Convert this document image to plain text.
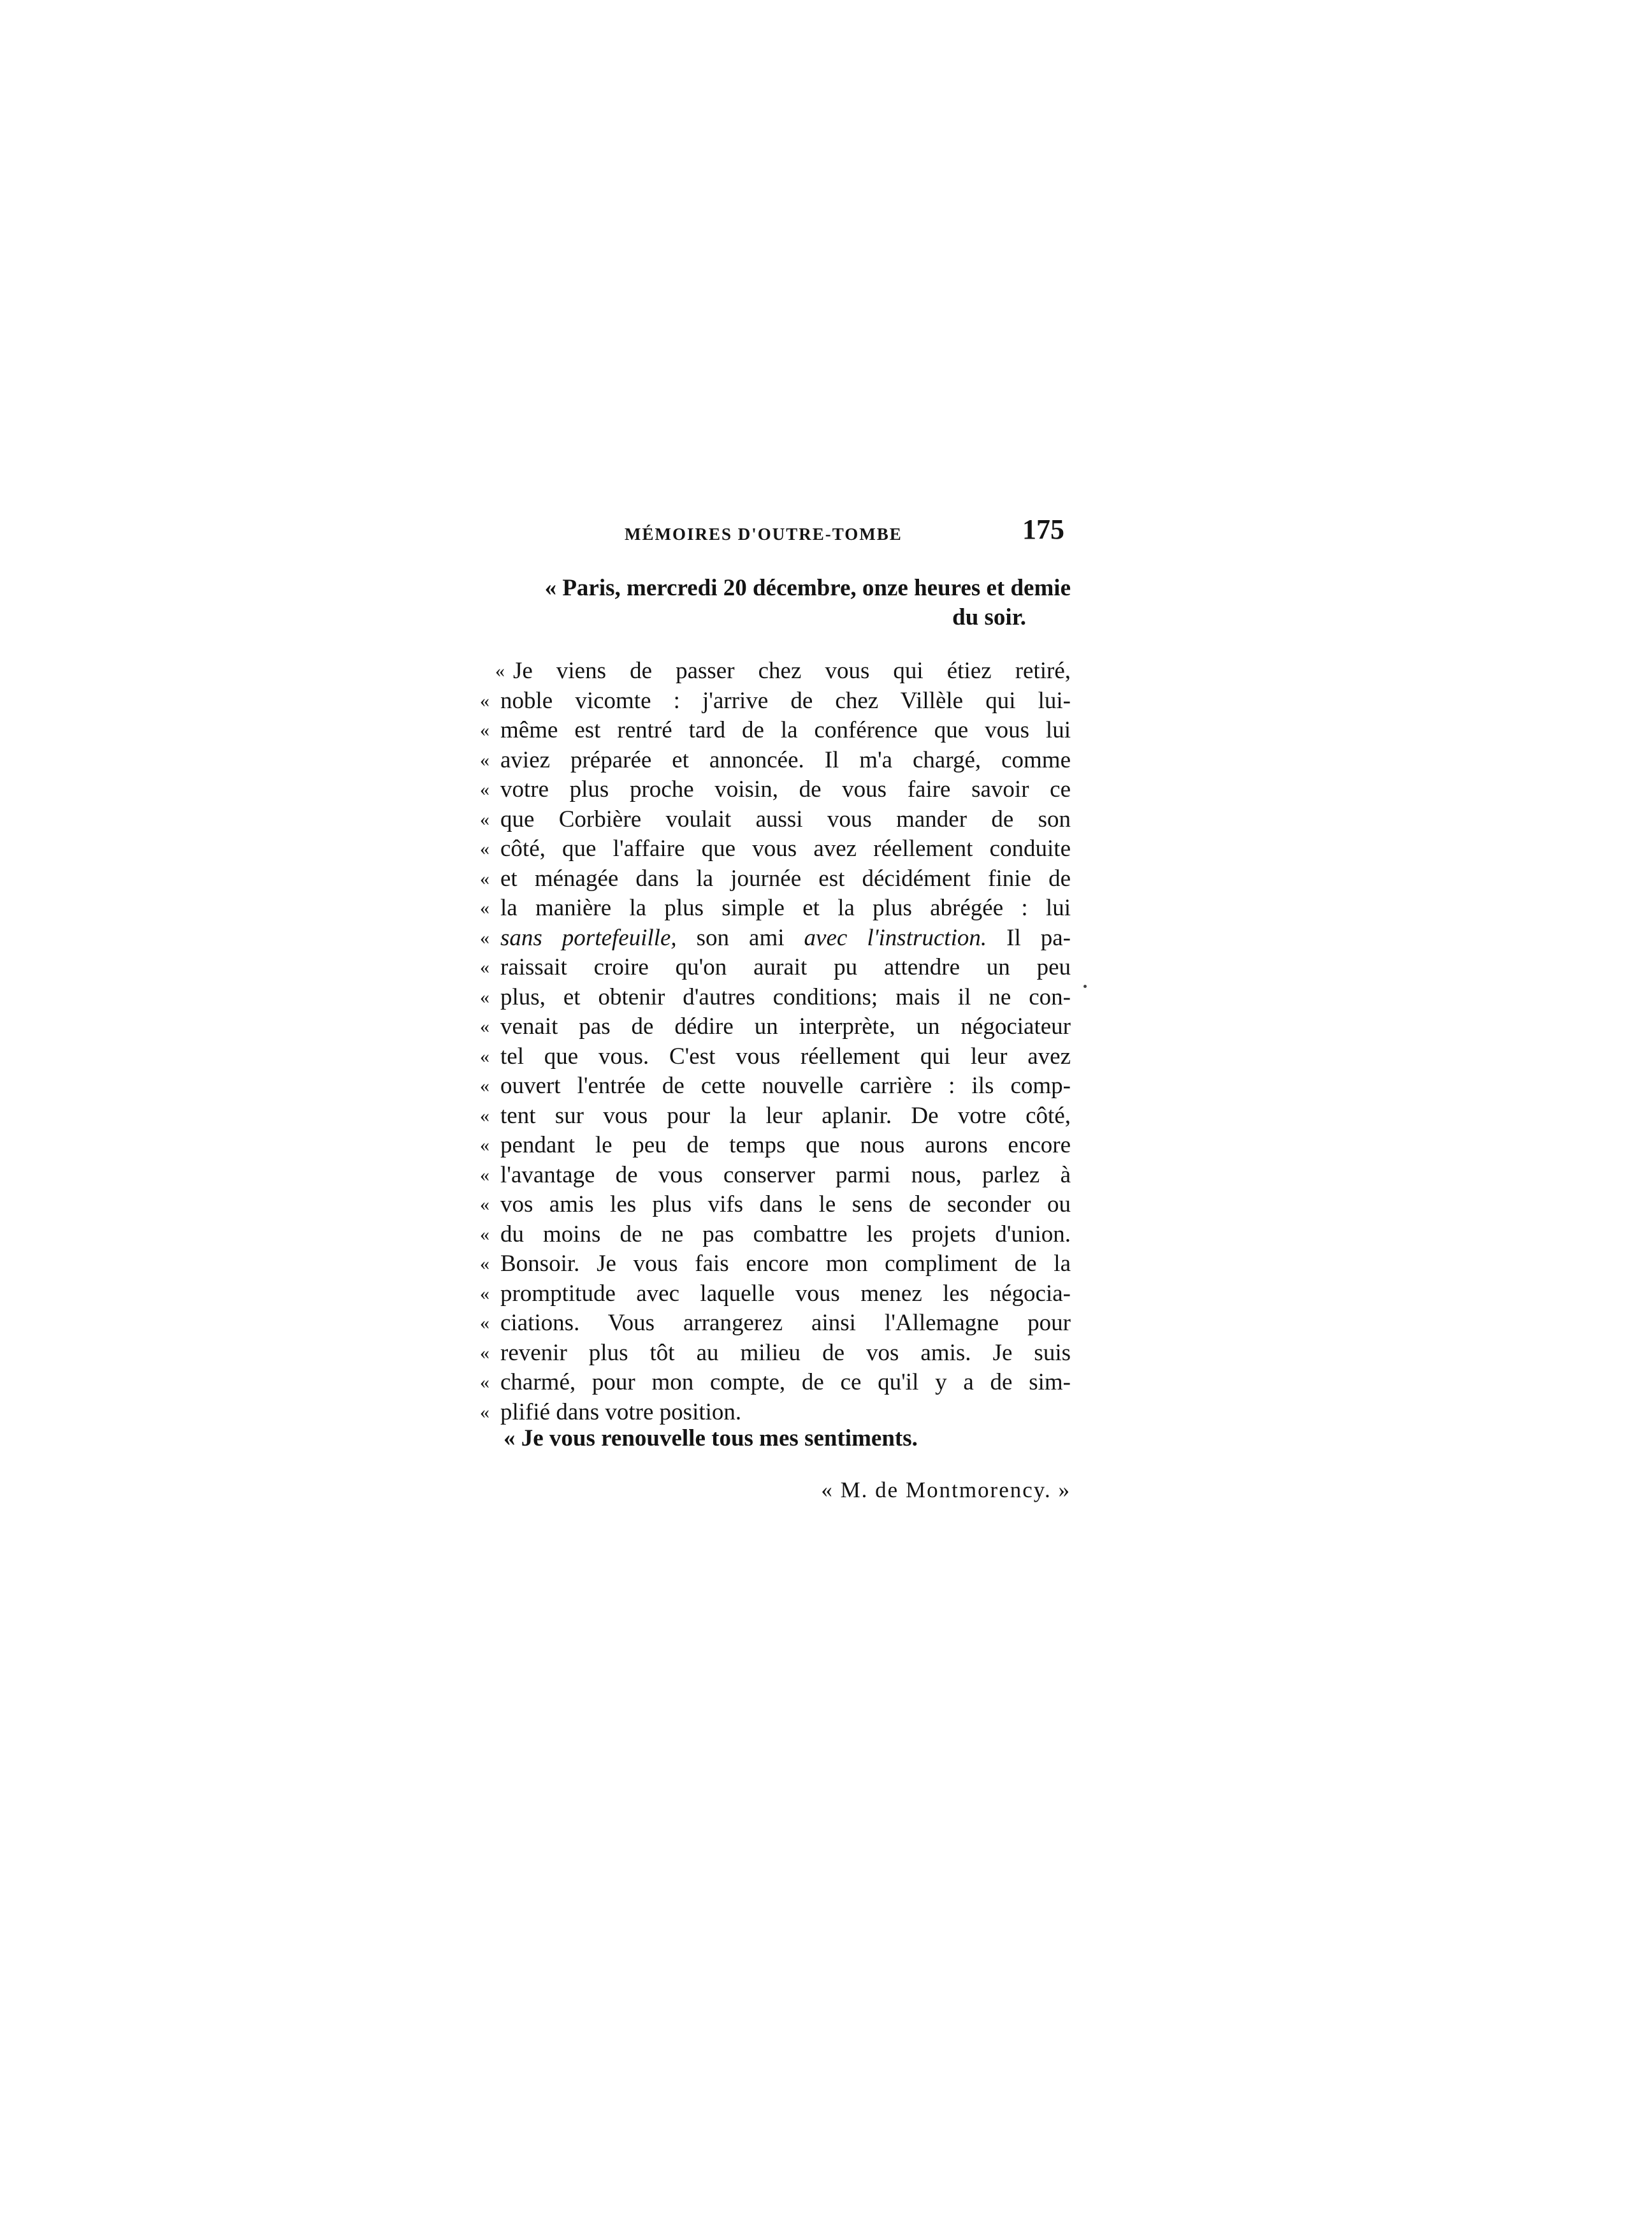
MÉMOIRES D'OUTRE-TOMBE	175
« Paris, mercredi 20 décembre, onze heures et demie
du soir.
« Je viens de passer chez vous qui étiez retiré,
« noble vicomte : j'arrive de chez Villèle qui lui-
« même est rentré tard de la conférence que vous lui
« aviez préparée et annoncée. Il m'a chargé, comme
« votre plus proche voisin, de vous faire savoir ce
« que Corbière voulait aussi vous mander de son
« côté, que l'affaire que vous avez réellement conduite
« et ménagée dans la journée est décidément finie de
« la manière la plus simple et la plus abrégée : lui
« sans portefeuille, son ami avec l'instruction. Il pa-
« raissait croire qu'on aurait pu attendre un peu
« plus, et obtenir d'autres conditions; mais il ne con-
« venait pas de dédire un interprète, un négociateur
« tel que vous. C'est vous réellement qui leur avez
« ouvert l'entrée de cette nouvelle carrière : ils comp-
« tent sur vous pour la leur aplanir. De votre côté,
« pendant le peu de temps que nous aurons encore
« l'avantage de vous conserver parmi nous, parlez à
« vos amis les plus vifs dans le sens de seconder ou
« du moins de ne pas combattre les projets d'union.
« Bonsoir. Je vous fais encore mon compliment de la
« promptitude avec laquelle vous menez les négocia-
« ciations. Vous arrangerez ainsi l'Allemagne pour
« revenir plus tôt au milieu de vos amis. Je suis
« charmé, pour mon compte, de ce qu'il y a de sim-
« plifié dans votre position.
« Je vous renouvelle tous mes sentiments.
« M. de Montmorency. »
